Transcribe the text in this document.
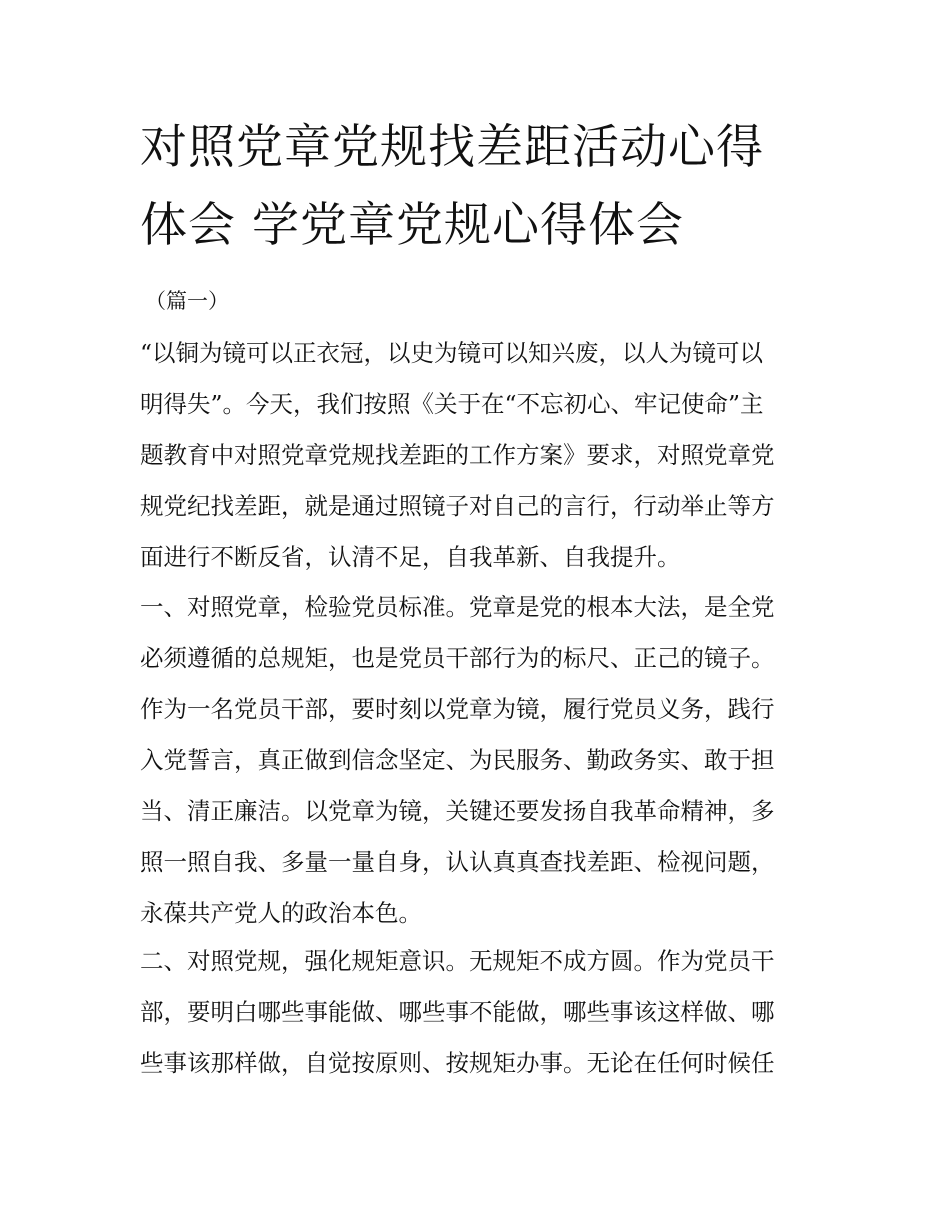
对照党章党规找差距活动心得
体会 学党章党规心得体会
（篇一）
“以铜为镜可以正衣冠，以史为镜可以知兴废，以人为镜可以
明得失”。今天，我们按照《关于在“不忘初心、牢记使命”主
题教育中对照党章党规找差距的工作方案》要求，对照党章党
规党纪找差距，就是通过照镜子对自己的言行，行动举止等方
面进行不断反省，认清不足，自我革新、自我提升。
一、对照党章，检验党员标准。党章是党的根本大法，是全党
必须遵循的总规矩，也是党员干部行为的标尺、正己的镜子。
作为一名党员干部，要时刻以党章为镜，履行党员义务，践行
入党誓言，真正做到信念坚定、为民服务、勤政务实、敢于担
当、清正廉洁。以党章为镜，关键还要发扬自我革命精神，多
照一照自我、多量一量自身，认认真真查找差距、检视问题，
永葆共产党人的政治本色。
二、对照党规，强化规矩意识。无规矩不成方圆。作为党员干
部，要明白哪些事能做、哪些事不能做，哪些事该这样做、哪
些事该那样做，自觉按原则、按规矩办事。无论在任何时候任
